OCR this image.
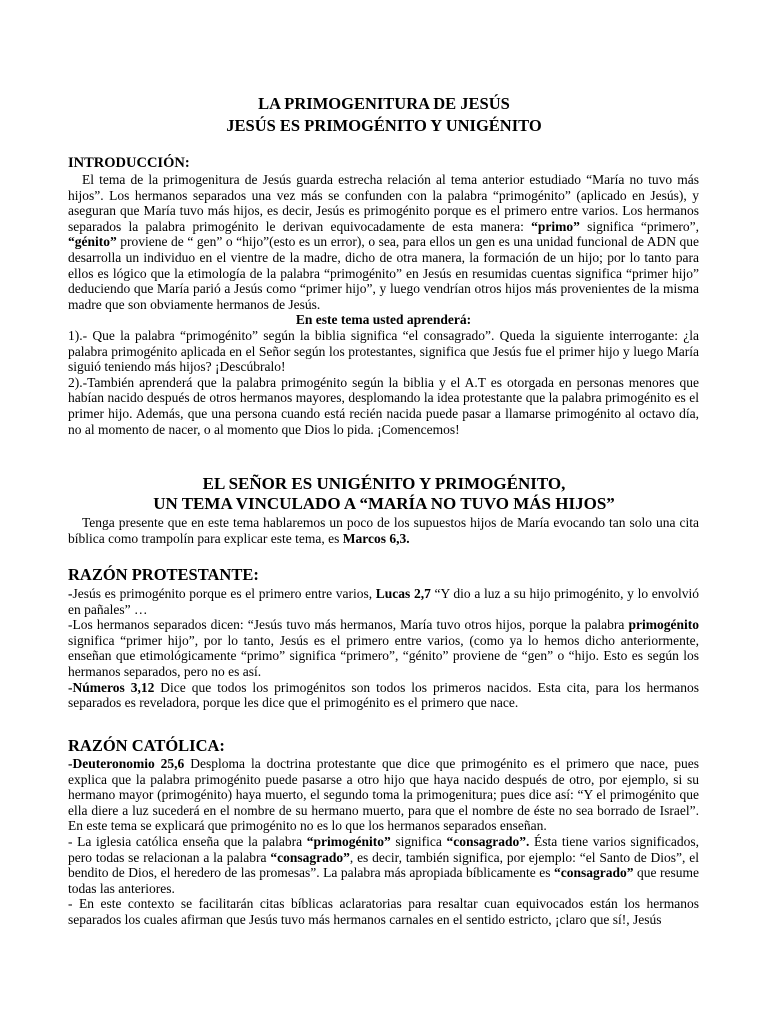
LA PRIMOGENITURA DE JESÚS
JESÚS ES PRIMOGÉNITO Y UNIGÉNITO
INTRODUCCIÓN:

El tema de la primogenitura de Jesús guarda estrecha relación al tema anterior estudiado “María no tuvo más hijos”. Los hermanos separados una vez más se confunden con la palabra “primogénito” (aplicado en Jesús), y aseguran que María tuvo más hijos, es decir, Jesús es primogénito porque es el primero entre varios. Los hermanos separados la palabra primogénito le derivan equivocadamente de esta manera: “primo” significa “primero”, “génito” proviene de “ gen” o “hijo”(esto es un error), o sea, para ellos un gen es una unidad funcional de ADN que desarrolla un individuo en el vientre de la madre, dicho de otra manera, la formación de un hijo; por lo tanto para ellos es lógico que la etimología de la palabra “primogénito” en Jesús en resumidas cuentas significa “primer hijo” deduciendo que María parió a Jesús como “primer hijo”, y luego vendrían otros hijos más provenientes de la misma madre que son obviamente hermanos de Jesús.

En este tema usted aprenderá:

1).- Que la palabra “primogénito” según la biblia significa “el consagrado”. Queda la siguiente interrogante: ¿la palabra primogénito aplicada en el Señor según los protestantes, significa que Jesús fue el primer hijo y luego María siguió teniendo más hijos? ¡Descúbralo!

2).-También aprenderá que la palabra primogénito según la biblia y el A.T es otorgada en personas menores que habían nacido después de otros hermanos mayores, desplomando la idea protestante que la palabra primogénito es el primer hijo. Además, que una persona cuando está recién nacida puede pasar a llamarse primogénito al octavo día, no al momento de nacer, o al momento que Dios lo pida. ¡Comencemos!

EL SEÑOR ES UNIGÉNITO Y PRIMOGÉNITO,
UN TEMA VINCULADO A “MARÍA NO TUVO MÁS HIJOS”

Tenga presente que en este tema hablaremos un poco de los supuestos hijos de María evocando tan solo una cita bíblica como trampolín para explicar este tema, es Marcos 6,3.

RAZÓN PROTESTANTE:

-Jesús es primogénito porque es el primero entre varios, Lucas 2,7 “Y dio a luz a su hijo primogénito, y lo envolvió en pañales” …

-Los hermanos separados dicen: “Jesús tuvo más hermanos, María tuvo otros hijos, porque la palabra primogénito significa “primer hijo”, por lo tanto, Jesús es el primero entre varios, (como ya lo hemos dicho anteriormente, enseñan que etimológicamente “primo” significa “primero”, “génito” proviene de “gen” o “hijo. Esto es según los hermanos separados, pero no es así.

-Números 3,12 Dice que todos los primogénitos son todos los primeros nacidos. Esta cita, para los hermanos separados es reveladora, porque les dice que el primogénito es el primero que nace.

RAZÓN CATÓLICA:

-Deuteronomio 25,6 Desploma la doctrina protestante que dice que primogénito es el primero que nace, pues explica que la palabra primogénito puede pasarse a otro hijo que haya nacido después de otro, por ejemplo, si su hermano mayor (primogénito) haya muerto, el segundo toma la primogenitura; pues dice así: “Y el primogénito que ella diere a luz sucederá en el nombre de su hermano muerto, para que el nombre de éste no sea borrado de Israel”. En este tema se explicará que primogénito no es lo que los hermanos separados enseñan.

- La iglesia católica enseña que la palabra “primogénito” significa “consagrado”. Ésta tiene varios significados, pero todas se relacionan a la palabra “consagrado”, es decir, también significa, por ejemplo: “el Santo de Dios”, el bendito de Dios, el heredero de las promesas”. La palabra más apropiada bíblicamente es “consagrado” que resume todas las anteriores.

- En este contexto se facilitarán citas bíblicas aclaratorias para resaltar cuan equivocados están los hermanos separados los cuales afirman que Jesús tuvo más hermanos carnales en el sentido estricto, ¡claro que sí!, Jesús
